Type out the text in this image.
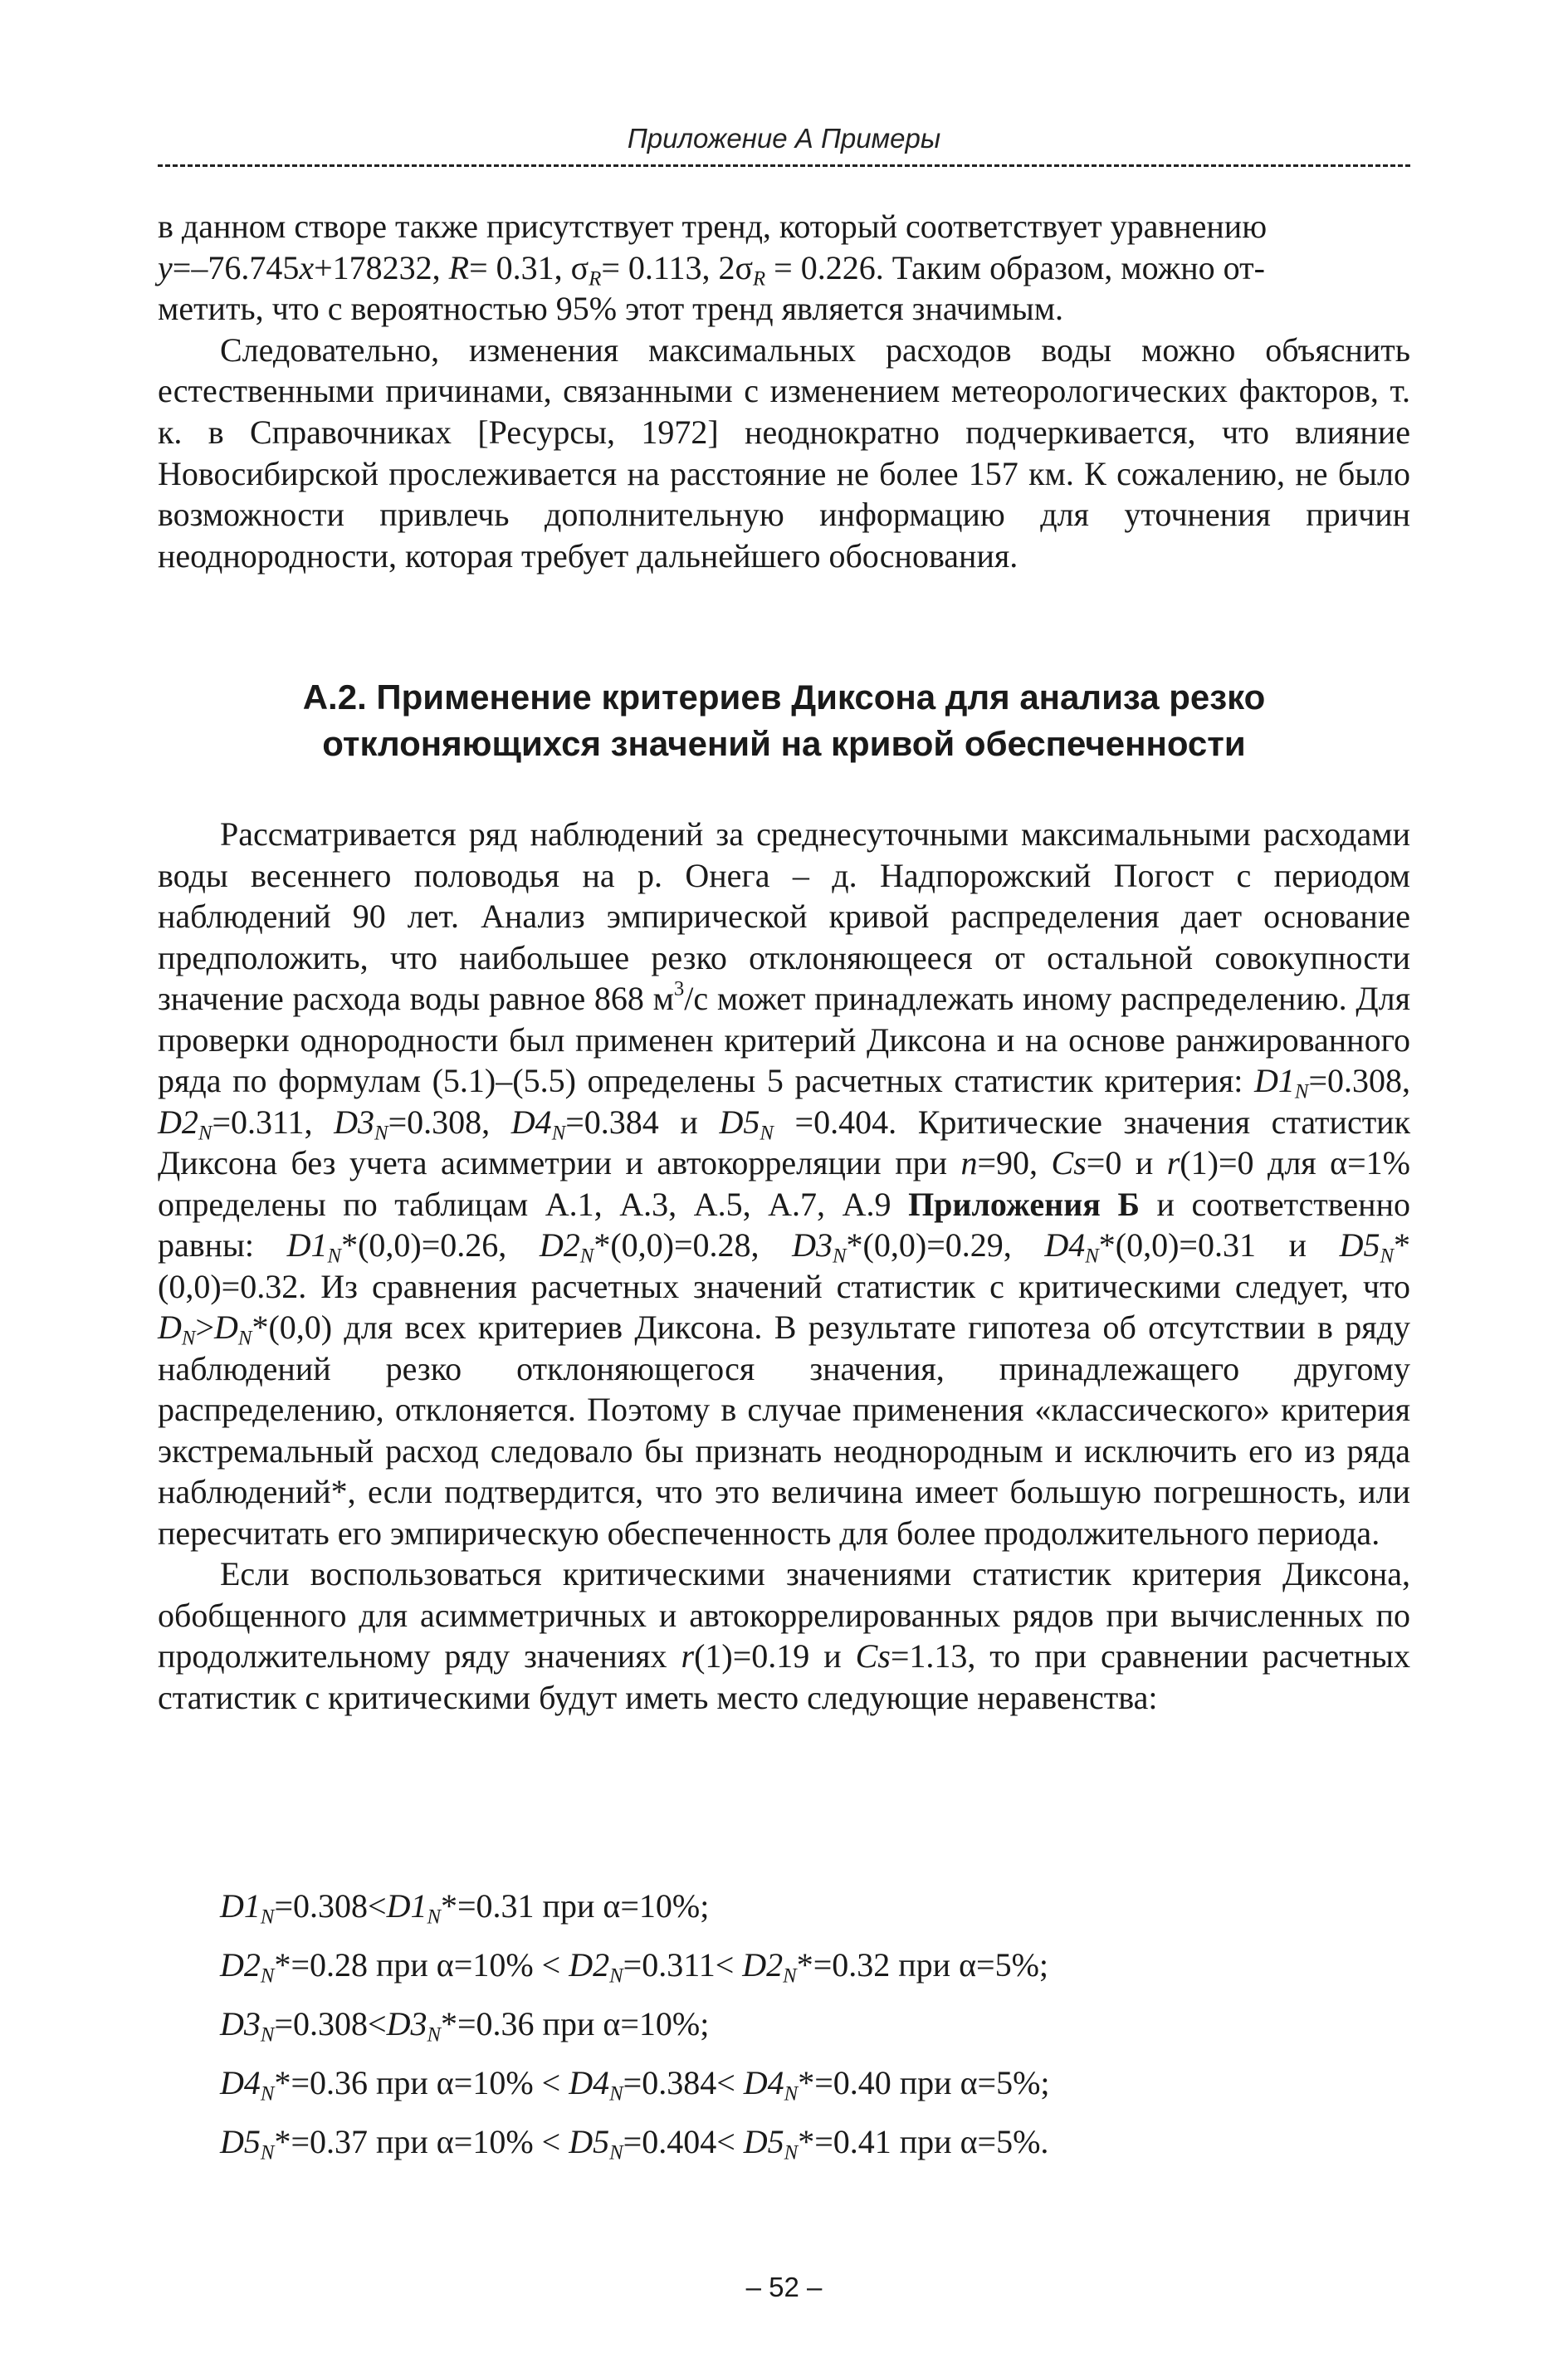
Приложение А Примеры

в данном створе также присутствует тренд, который соответствует уравнению
y=–76.745x+178232, R= 0.31, $\sigma_R= 0.113$, $2\sigma_R = 0.226$. Таким образом, можно от-
метить, что с вероятностью 95% этот тренд является значимым.

Следовательно, изменения максимальных расходов воды можно объяснить естественными причинами, связанными с изменением метеорологических факторов, т. к. в Справочниках [Ресурсы, 1972] неоднократно подчеркивается, что влияние Новосибирской прослеживается на расстояние не более 157 км. К сожалению, не было возможности привлечь дополнительную информацию для уточнения причин неоднородности, которая требует дальнейшего обоснования.

А.2. Применение критериев Диксона для анализа резко
отклоняющихся значений на кривой обеспеченности

Рассматривается ряд наблюдений за среднесуточными максимальными расходами воды весеннего половодья на р. Онега – д. Надпорожский Погост с периодом наблюдений 90 лет. Анализ эмпирической кривой распределения дает основание предположить, что наибольшее резко отклоняющееся от остальной совокупности значение расхода воды равное 868 $м^3/с$ может принадлежать иному распределению. Для проверки однородности был применен критерий Диксона и на основе ранжированного ряда по формулам (5.1)–(5.5) определены 5 расчетных статистик критерия: $D1_N=0.308$, $D2_N=0.311$, $D3_N=0.308$, $D4_N=0.384$ и $D5_N =0.404$. Критические значения статистик Диксона без учета асимметрии и автокорреляции при n=90, Cs=0 и r(1)=0 для α=1% определены по таблицам А.1, А.3, А.5, А.7, А.9 Приложения Б и соответственно равны: $D1_N*(0,0)=0.26$, $D2_N*(0,0)=0.28$, $D3_N*(0,0)=0.29$, $D4_N*(0,0)=0.31$ и $D5_N*(0,0)=0.32$. Из сравнения расчетных значений статистик с критическими следует, что $D_N>D_N*(0,0)$ для всех критериев Диксона. В результате гипотеза об отсутствии в ряду наблюдений резко отклоняющегося значения, принадлежащего другому распределению, отклоняется. Поэтому в случае применения «классического» критерия экстремальный расход следовало бы признать неоднородным и исключить его из ряда наблюдений*, если подтвердится, что это величина имеет большую погрешность, или пересчитать его эмпирическую обеспеченность для более продолжительного периода.

Если воспользоваться критическими значениями статистик критерия Диксона, обобщенного для асимметричных и автокоррелированных рядов при вычисленных по продолжительному ряду значениях r(1)=0.19 и Cs=1.13, то при сравнении расчетных статистик с критическими будут иметь место следующие неравенства:

$D1_N=0.308<D1_N*=0.31$ при α=10%;
$D2_N*=0.28$ при $\alpha=10\% < D2_N=0.311< D2_N*=0.32$ при α=5%;
$D3_N=0.308<D3_N*=0.36$ при α=10%;
$D4_N*=0.36$ при $\alpha=10\% < D4_N=0.384< D4_N*=0.40$ при α=5%;
$D5_N*=0.37$ при $\alpha=10\% < D5_N=0.404< D5_N*=0.41$ при α=5%.
– 52 –
